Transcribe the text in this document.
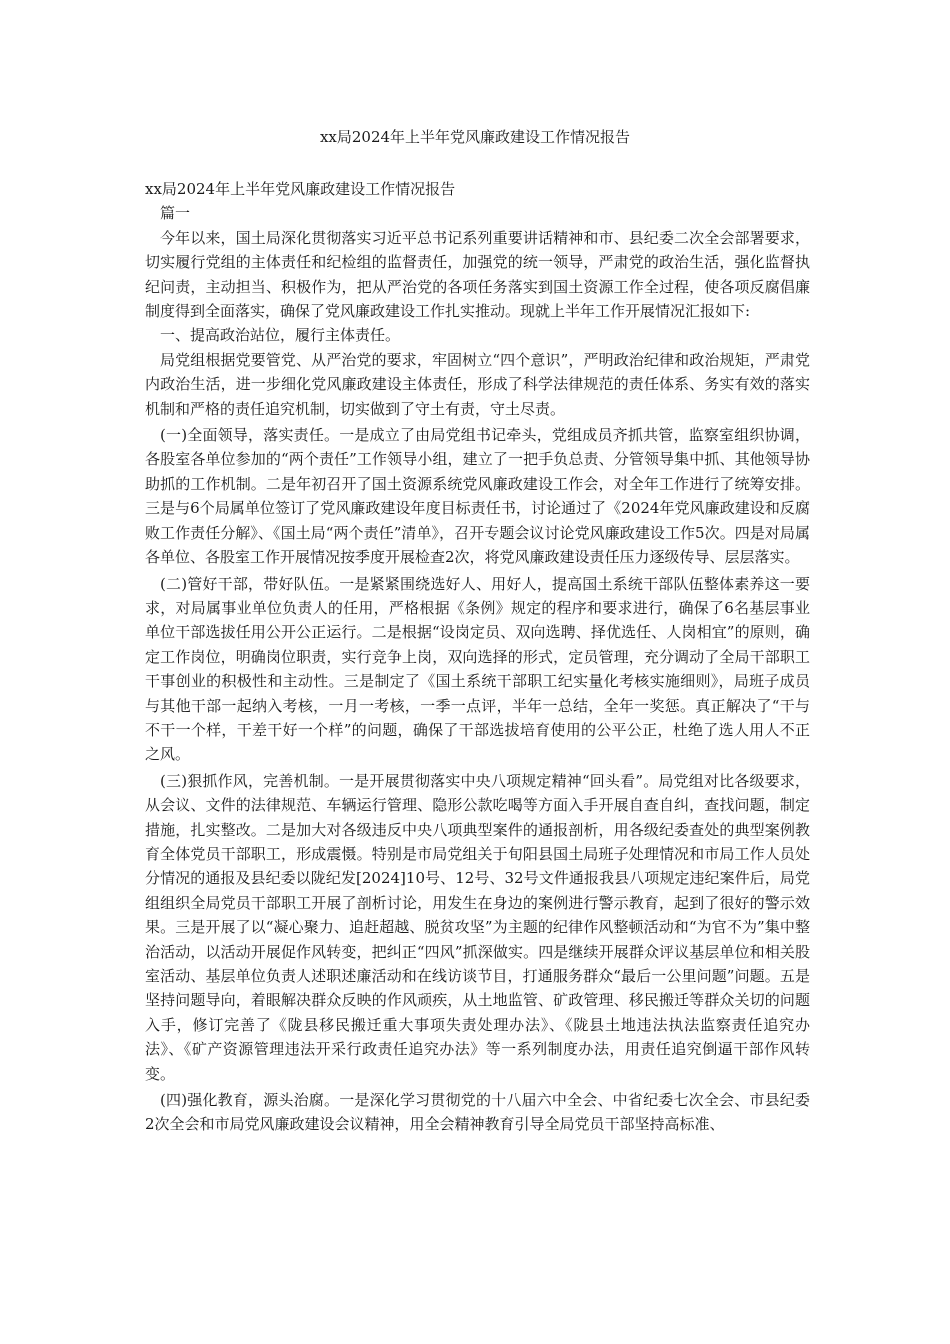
xx局2024年上半年党风廉政建设工作情况报告

xx局2024年上半年党风廉政建设工作情况报告

篇一

今年以来，国土局深化贯彻落实习近平总书记系列重要讲话精神和市、县纪委二次全会部署要求，切实履行党组的主体责任和纪检组的监督责任，加强党的统一领导，严肃党的政治生活，强化监督执纪问责，主动担当、积极作为，把从严治党的各项任务落实到国土资源工作全过程，使各项反腐倡廉制度得到全面落实，确保了党风廉政建设工作扎实推动。现就上半年工作开展情况汇报如下:

一、提高政治站位，履行主体责任。

局党组根据党要管党、从严治党的要求，牢固树立“四个意识”，严明政治纪律和政治规矩，严肃党内政治生活，进一步细化党风廉政建设主体责任，形成了科学法律规范的责任体系、务实有效的落实机制和严格的责任追究机制，切实做到了守土有责，守土尽责。

(一)全面领导，落实责任。一是成立了由局党组书记牵头，党组成员齐抓共管，监察室组织协调，各股室各单位参加的“两个责任”工作领导小组，建立了一把手负总责、分管领导集中抓、其他领导协助抓的工作机制。二是年初召开了国土资源系统党风廉政建设工作会，对全年工作进行了统筹安排。三是与6个局属单位签订了党风廉政建设年度目标责任书，讨论通过了《2024年党风廉政建设和反腐败工作责任分解》、《国土局“两个责任”清单》，召开专题会议讨论党风廉政建设工作5次。四是对局属各单位、各股室工作开展情况按季度开展检查2次，将党风廉政建设责任压力逐级传导、层层落实。

(二)管好干部，带好队伍。一是紧紧围绕选好人、用好人，提高国土系统干部队伍整体素养这一要求，对局属事业单位负责人的任用，严格根据《条例》规定的程序和要求进行，确保了6名基层事业单位干部选拔任用公开公正运行。二是根据“设岗定员、双向选聘、择优选任、人岗相宜”的原则，确定工作岗位，明确岗位职责，实行竞争上岗，双向选择的形式，定员管理，充分调动了全局干部职工干事创业的积极性和主动性。三是制定了《国土系统干部职工纪实量化考核实施细则》，局班子成员与其他干部一起纳入考核，一月一考核，一季一点评，半年一总结，全年一奖惩。真正解决了“干与不干一个样，干差干好一个样”的问题，确保了干部选拔培育使用的公平公正，杜绝了选人用人不正之风。

(三)狠抓作风，完善机制。一是开展贯彻落实中央八项规定精神“回头看”。局党组对比各级要求，从会议、文件的法律规范、车辆运行管理、隐形公款吃喝等方面入手开展自查自纠，查找问题，制定措施，扎实整改。二是加大对各级违反中央八项典型案件的通报剖析，用各级纪委查处的典型案例教育全体党员干部职工，形成震慑。特别是市局党组关于旬阳县国土局班子处理情况和市局工作人员处分情况的通报及县纪委以陇纪发[2024]10号、12号、32号文件通报我县八项规定违纪案件后，局党组组织全局党员干部职工开展了剖析讨论，用发生在身边的案例进行警示教育，起到了很好的警示效果。三是开展了以“凝心聚力、追赶超越、脱贫攻坚”为主题的纪律作风整顿活动和“为官不为”集中整治活动，以活动开展促作风转变，把纠正“四风”抓深做实。四是继续开展群众评议基层单位和相关股室活动、基层单位负责人述职述廉活动和在线访谈节目，打通服务群众“最后一公里问题”问题。五是坚持问题导向，着眼解决群众反映的作风顽疾，从土地监管、矿政管理、移民搬迁等群众关切的问题入手，修订完善了《陇县移民搬迁重大事项失责处理办法》、《陇县土地违法执法监察责任追究办法》、《矿产资源管理违法开采行政责任追究办法》等一系列制度办法，用责任追究倒逼干部作风转变。

(四)强化教育，源头治腐。一是深化学习贯彻党的十八届六中全会、中省纪委七次全会、市县纪委2次全会和市局党风廉政建设会议精神，用全会精神教育引导全局党员干部坚持高标准、
